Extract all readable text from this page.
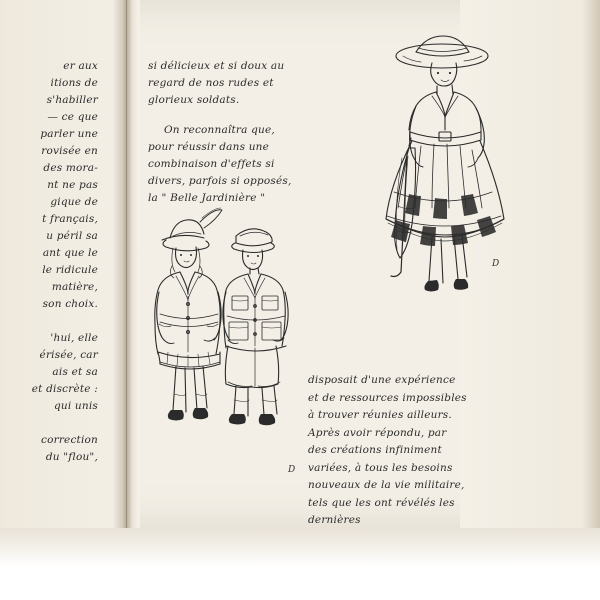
er aux
itions de
s'habiller
— ce que
parler une
rovisée en
des mora-
nt ne pas
gique de
t français,
u péril sa
ant que le
le ridicule
matière,
son choix.

'hui, elle
érisée, car
ais et sa
et discrète :
qui unis

correction
du "flou",

si délicieux et si doux au regard de nos rudes et glorieux soldats.

On reconnaîtra que, pour réussir dans une combinaison d'effets si divers, parfois si opposés, la " Belle Jardinière "

disposait d'une expérience et de ressources impossibles à trouver réunies ailleurs. Après avoir répondu, par des créations infiniment variées, à tous les besoins nouveaux de la vie militaire, tels que les ont révélés les dernières

D
D
